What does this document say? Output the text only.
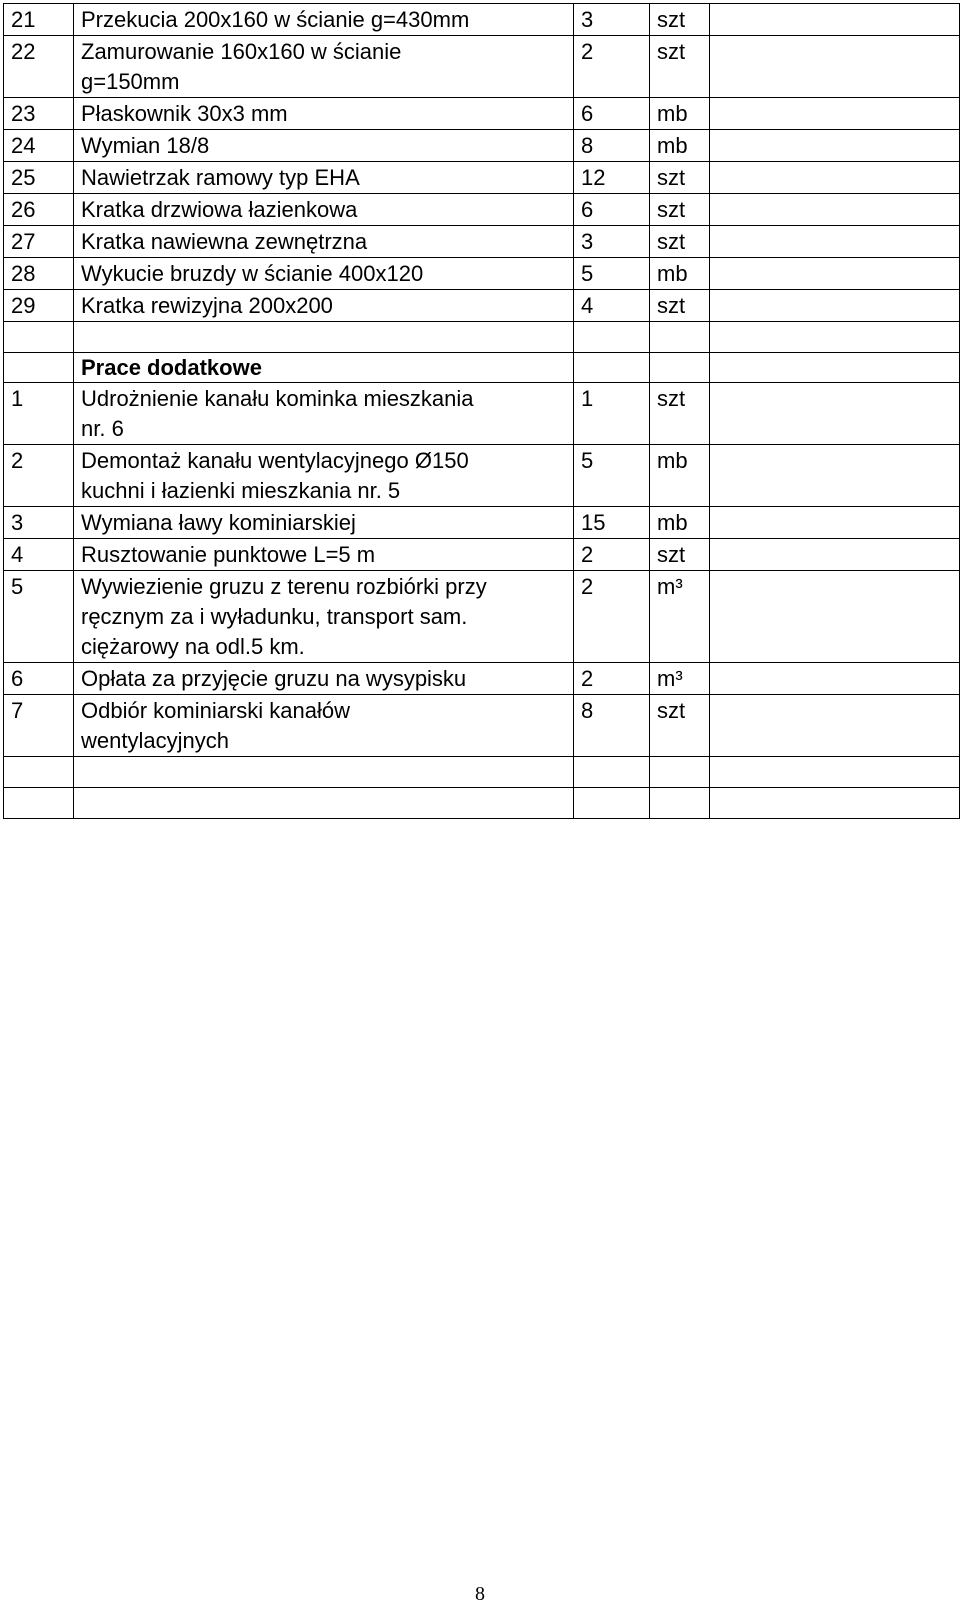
21	Przekucia 200x160 w ścianie g=430mm	3	szt	
22	Zamurowanie 160x160 w ścianie
g=150mm	2	szt	
23	Płaskownik 30x3 mm	6	mb	
24	Wymian 18/8	8	mb	
25	Nawietrzak ramowy typ EHA	12	szt	
26	Kratka drzwiowa łazienkowa	6	szt	
27	Kratka nawiewna zewnętrzna	3	szt	
28	Wykucie bruzdy w ścianie 400x120	5	mb	
29	Kratka rewizyjna 200x200	4	szt	

	Prace dodatkowe			
1	Udrożnienie kanału kominka mieszkania
nr. 6	1	szt	
2	Demontaż kanału wentylacyjnego Ø150
kuchni i łazienki mieszkania nr. 5	5	mb	
3	Wymiana ławy kominiarskiej	15	mb	
4	Rusztowanie punktowe L=5 m	2	szt	
5	Wywiezienie gruzu z terenu rozbiórki przy
ręcznym za i wyładunku, transport sam.
ciężarowy na odl.5 km.	2	m³	
6	Opłata za przyjęcie gruzu na wysypisku	2	m³	
7	Odbiór kominiarski kanałów
wentylacyjnych	8	szt	

8
